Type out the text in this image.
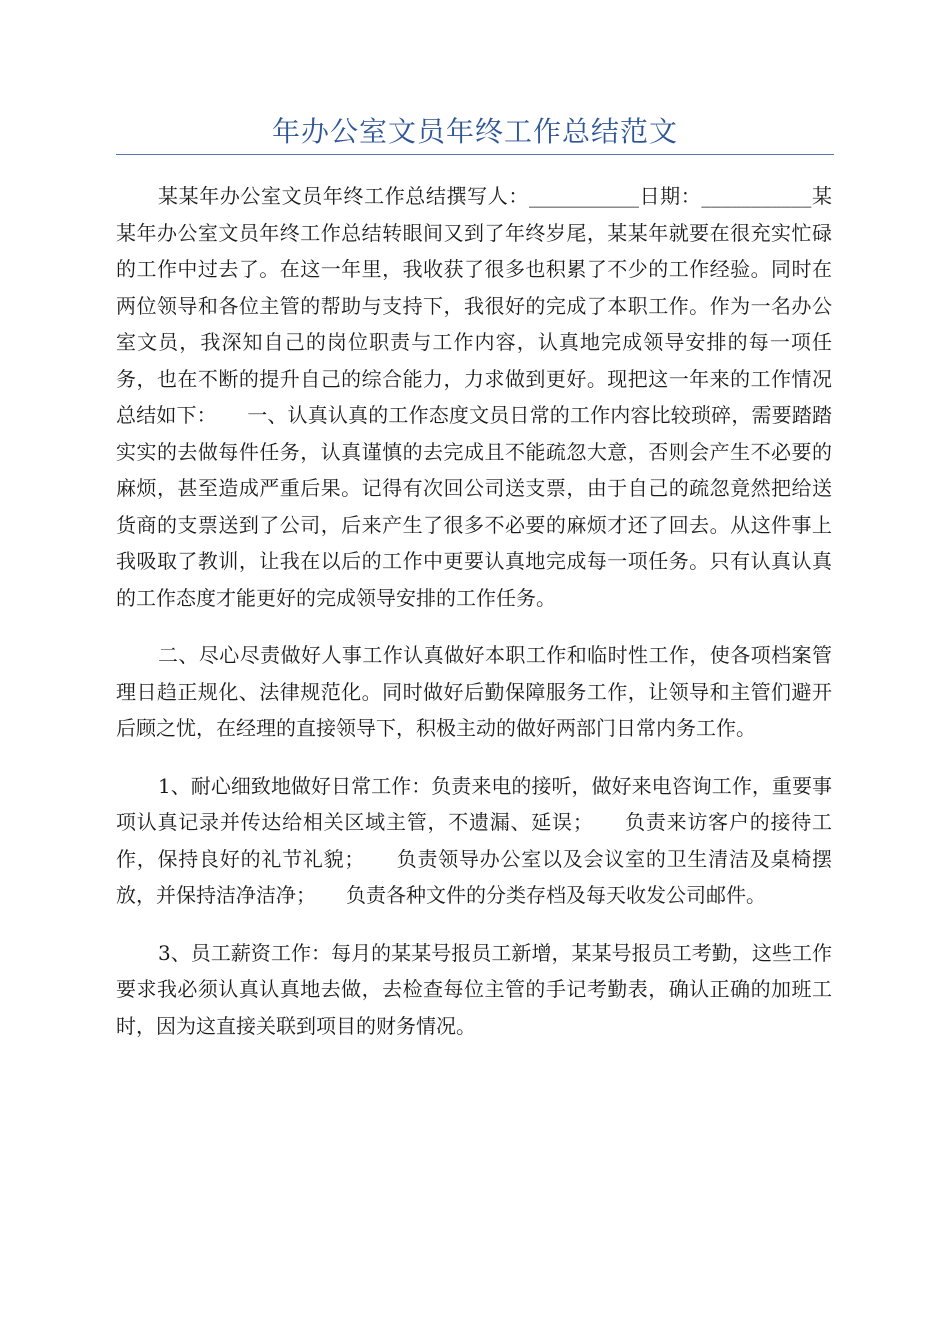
年办公室文员年终工作总结范文

某某年办公室文员年终工作总结撰写人：___________日期：___________某某年办公室文员年终工作总结转眼间又到了年终岁尾，某某年就要在很充实忙碌的工作中过去了。在这一年里，我收获了很多也积累了不少的工作经验。同时在两位领导和各位主管的帮助与支持下，我很好的完成了本职工作。作为一名办公室文员，我深知自己的岗位职责与工作内容，认真地完成领导安排的每一项任务，也在不断的提升自己的综合能力，力求做到更好。现把这一年来的工作情况总结如下：　　一、认真认真的工作态度文员日常的工作内容比较琐碎，需要踏踏实实的去做每件任务，认真谨慎的去完成且不能疏忽大意，否则会产生不必要的麻烦，甚至造成严重后果。记得有次回公司送支票，由于自己的疏忽竟然把给送货商的支票送到了公司，后来产生了很多不必要的麻烦才还了回去。从这件事上我吸取了教训，让我在以后的工作中更要认真地完成每一项任务。只有认真认真的工作态度才能更好的完成领导安排的工作任务。

二、尽心尽责做好人事工作认真做好本职工作和临时性工作，使各项档案管理日趋正规化、法律规范化。同时做好后勤保障服务工作，让领导和主管们避开后顾之忧，在经理的直接领导下，积极主动的做好两部门日常内务工作。

1、耐心细致地做好日常工作：负责来电的接听，做好来电咨询工作，重要事项认真记录并传达给相关区域主管，不遗漏、延误；　　负责来访客户的接待工作，保持良好的礼节礼貌；　　负责领导办公室以及会议室的卫生清洁及桌椅摆放，并保持洁净洁净；　　负责各种文件的分类存档及每天收发公司邮件。

3、员工薪资工作：每月的某某号报员工新增，某某号报员工考勤，这些工作要求我必须认真认真地去做，去检查每位主管的手记考勤表，确认正确的加班工时，因为这直接关联到项目的财务情况。
